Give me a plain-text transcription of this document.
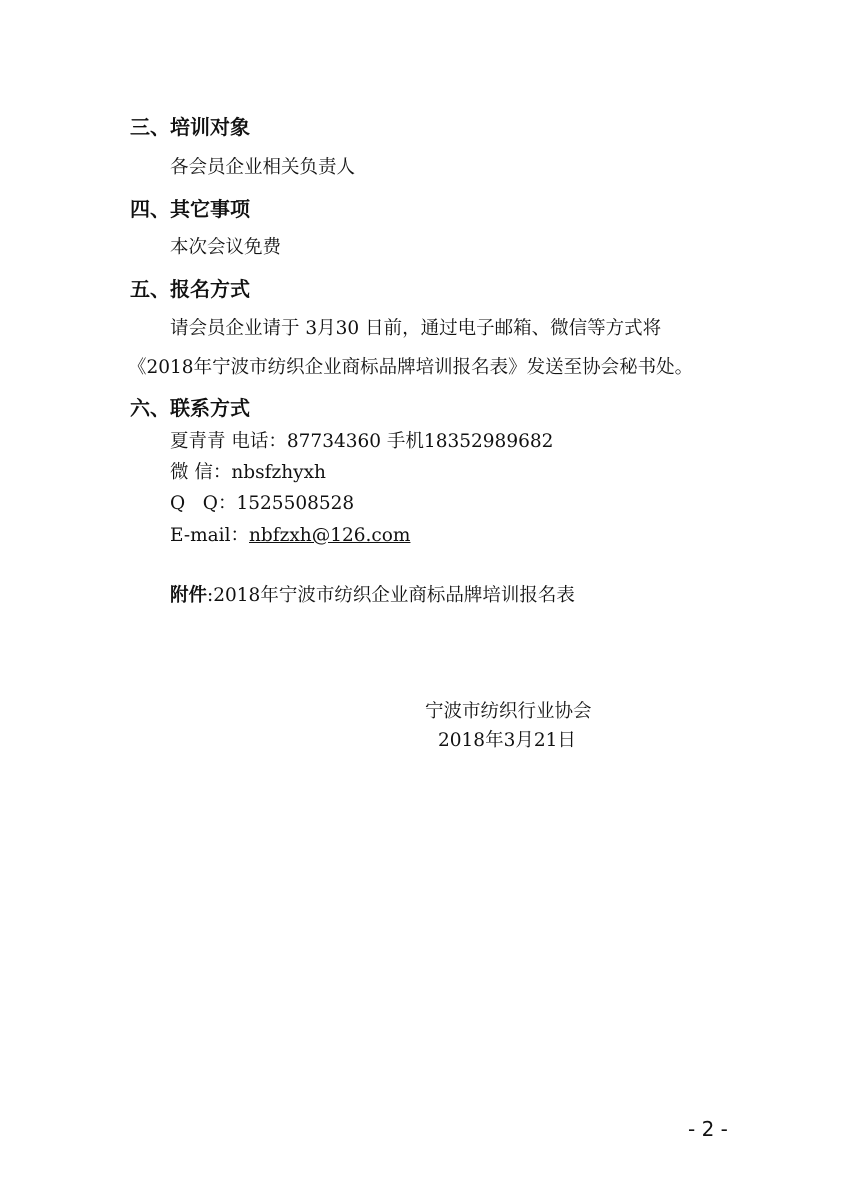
三、培训对象
各会员企业相关负责人
四、其它事项
本次会议免费
五、报名方式
请会员企业请于 3月30 日前，通过电子邮箱、微信等方式将
《2018年宁波市纺织企业商标品牌培训报名表》发送至协会秘书处。
六、联系方式
夏青青 电话：87734360 手机18352989682
微 信：nbsfzhyxh
Q   Q：1525508528
E-mail：nbfzxh@126.com
附件:2018年宁波市纺织企业商标品牌培训报名表
宁波市纺织行业协会
2018年3月21日
- 2 -
